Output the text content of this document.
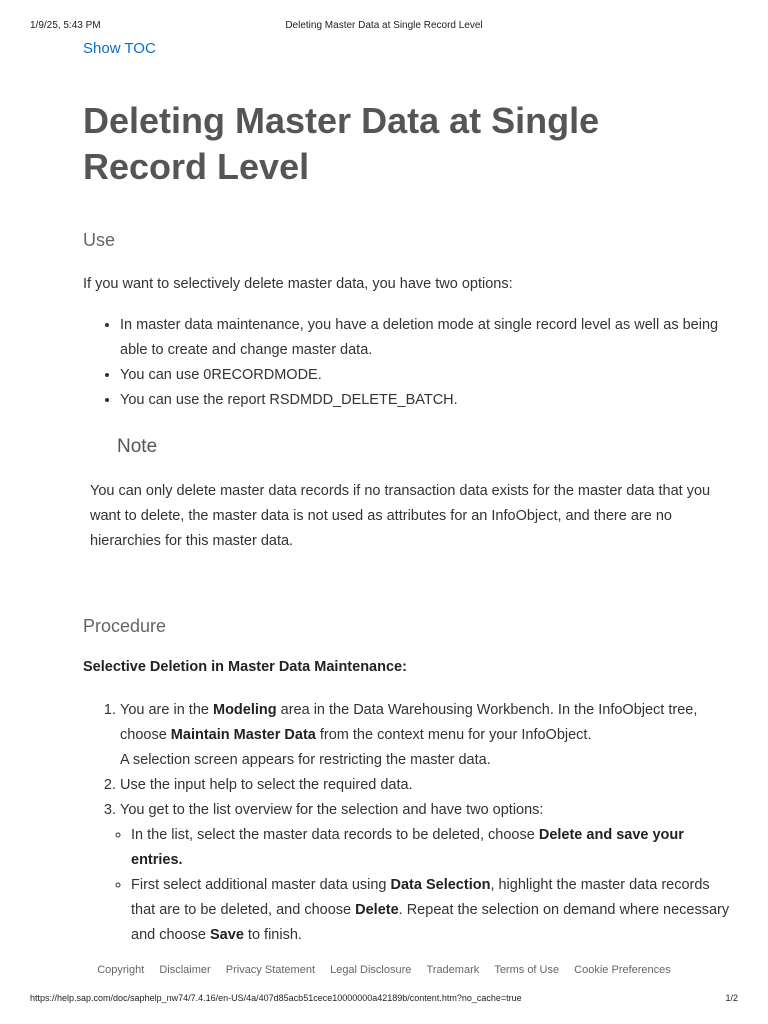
1/9/25, 5:43 PM	Deleting Master Data at Single Record Level
Show TOC
Deleting Master Data at Single Record Level
Use

If you want to selectively delete master data, you have two options:

• In master data maintenance, you have a deletion mode at single record level as well as being able to create and change master data.
• You can use 0RECORDMODE.
• You can use the report RSDMDD_DELETE_BATCH.
Note

You can only delete master data records if no transaction data exists for the master data that you want to delete, the master data is not used as attributes for an InfoObject, and there are no hierarchies for this master data.

Procedure

Selective Deletion in Master Data Maintenance:

1. You are in the Modeling area in the Data Warehousing Workbench. In the InfoObject tree, choose Maintain Master Data from the context menu for your InfoObject.
A selection screen appears for restricting the master data.
2. Use the input help to select the required data.
3. You get to the list overview for the selection and have two options:
◦ In the list, select the master data records to be deleted, choose Delete and save your entries.
◦ First select additional master data using Data Selection, highlight the master data records that are to be deleted, and choose Delete. Repeat the selection on demand where necessary and choose Save to finish.
Copyright Disclaimer Privacy Statement Legal Disclosure Trademark Terms of Use Cookie Preferences
https://help.sap.com/doc/saphelp_nw74/7.4.16/en-US/4a/407d85acb51cece10000000a42189b/content.htm?no_cache=true	1/2
